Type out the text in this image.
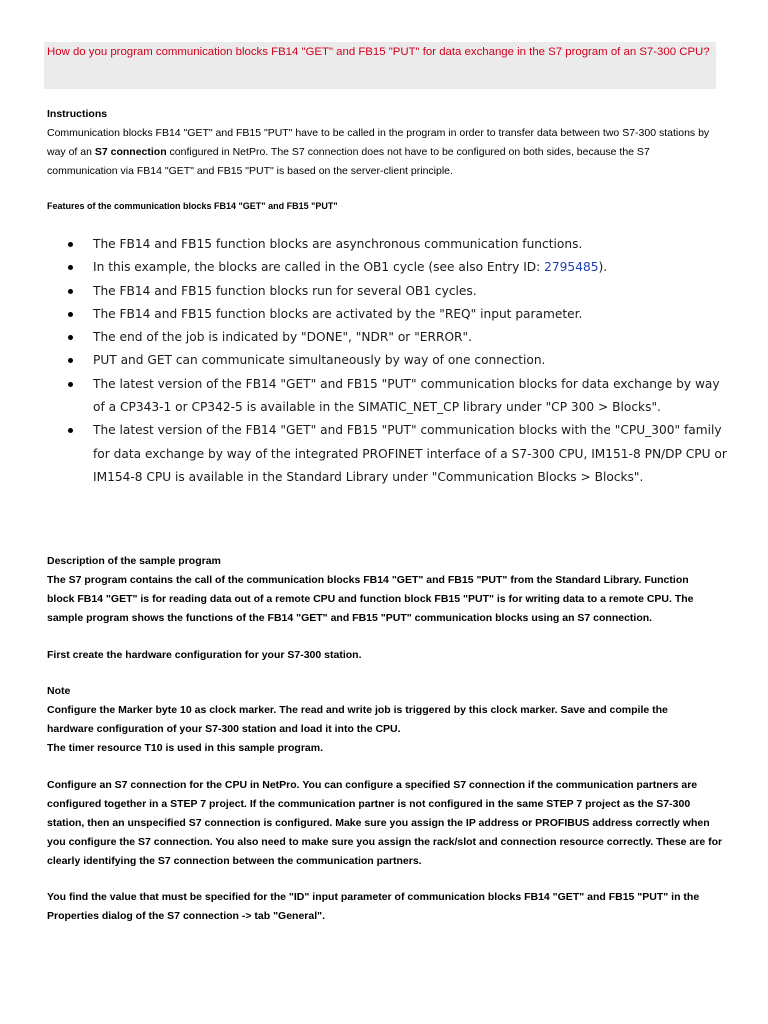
How do you program communication blocks FB14 "GET" and FB15 "PUT" for data exchange in the S7 program of an S7-300 CPU?

Instructions

Communication blocks FB14 "GET" and FB15 "PUT" have to be called in the program in order to transfer data between two S7-300 stations by way of an S7 connection configured in NetPro. The S7 connection does not have to be configured on both sides, because the S7 communication via FB14 "GET" and FB15 "PUT" is based on the server-client principle.

Features of the communication blocks FB14 "GET" and FB15 "PUT"

The FB14 and FB15 function blocks are asynchronous communication functions.
In this example, the blocks are called in the OB1 cycle (see also Entry ID: 2795485).
The FB14 and FB15 function blocks run for several OB1 cycles.
The FB14 and FB15 function blocks are activated by the "REQ" input parameter.
The end of the job is indicated by "DONE", "NDR" or "ERROR".
PUT and GET can communicate simultaneously by way of one connection.
The latest version of the FB14 "GET" and FB15 "PUT" communication blocks for data exchange by way of a CP343-1 or CP342-5 is available in the SIMATIC_NET_CP library under "CP 300 > Blocks".
The latest version of the FB14 "GET" and FB15 "PUT" communication blocks with the "CPU_300" family for data exchange by way of the integrated PROFINET interface of a S7-300 CPU, IM151-8 PN/DP CPU or IM154-8 CPU is available in the Standard Library under "Communication Blocks > Blocks".

Description of the sample program

The S7 program contains the call of the communication blocks FB14 "GET" and FB15 "PUT" from the Standard Library. Function block FB14 "GET" is for reading data out of a remote CPU and function block FB15 "PUT" is for writing data to a remote CPU. The sample program shows the functions of the FB14 "GET" and FB15 "PUT" communication blocks using an S7 connection.

First create the hardware configuration for your S7-300 station.

Note

Configure the Marker byte 10 as clock marker. The read and write job is triggered by this clock marker. Save and compile the hardware configuration of your S7-300 station and load it into the CPU.

The timer resource T10 is used in this sample program.

Configure an S7 connection for the CPU in NetPro. You can configure a specified S7 connection if the communication partners are configured together in a STEP 7 project. If the communication partner is not configured in the same STEP 7 project as the S7-300 station, then an unspecified S7 connection is configured. Make sure you assign the IP address or PROFIBUS address correctly when you configure the S7 connection. You also need to make sure you assign the rack/slot and connection resource correctly. These are for clearly identifying the S7 connection between the communication partners.

You find the value that must be specified for the "ID" input parameter of communication blocks FB14 "GET" and FB15 "PUT" in the Properties dialog of the S7 connection -> tab "General".
